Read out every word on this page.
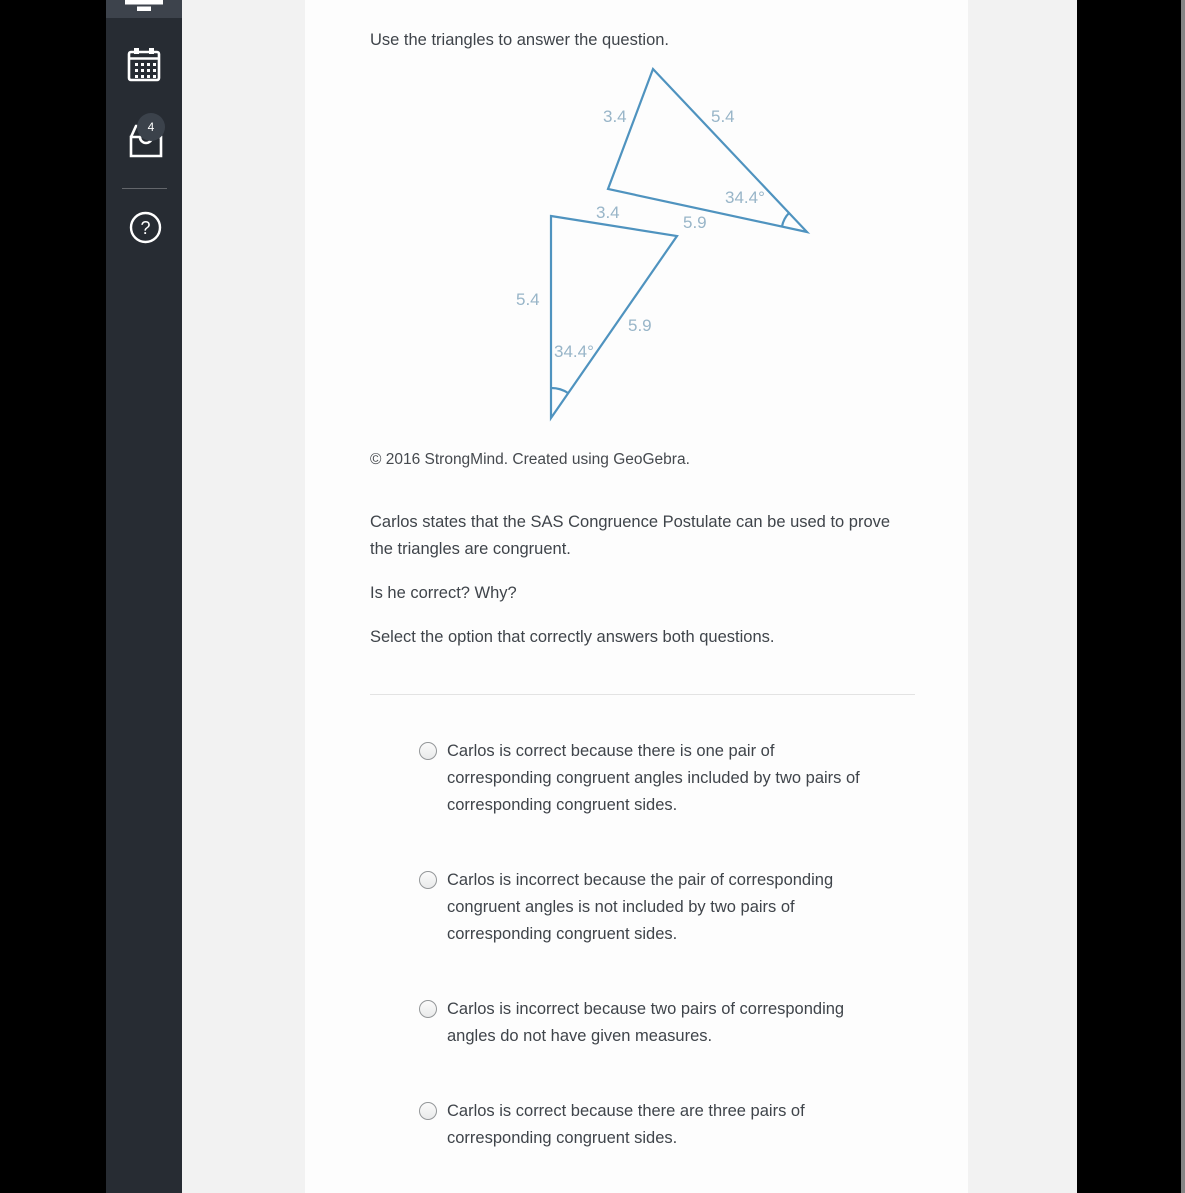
4
?

Use the triangles to answer the question.

3.4	5.4
34.4°
5.9
3.4
5.4
5.9
34.4°

© 2016 StrongMind. Created using GeoGebra.

Carlos states that the SAS Congruence Postulate can be used to prove the triangles are congruent.

Is he correct? Why?

Select the option that correctly answers both questions.

Carlos is correct because there is one pair of corresponding congruent angles included by two pairs of corresponding congruent sides.
Carlos is incorrect because the pair of corresponding congruent angles is not included by two pairs of corresponding congruent sides.
Carlos is incorrect because two pairs of corresponding angles do not have given measures.
Carlos is correct because there are three pairs of corresponding congruent sides.
